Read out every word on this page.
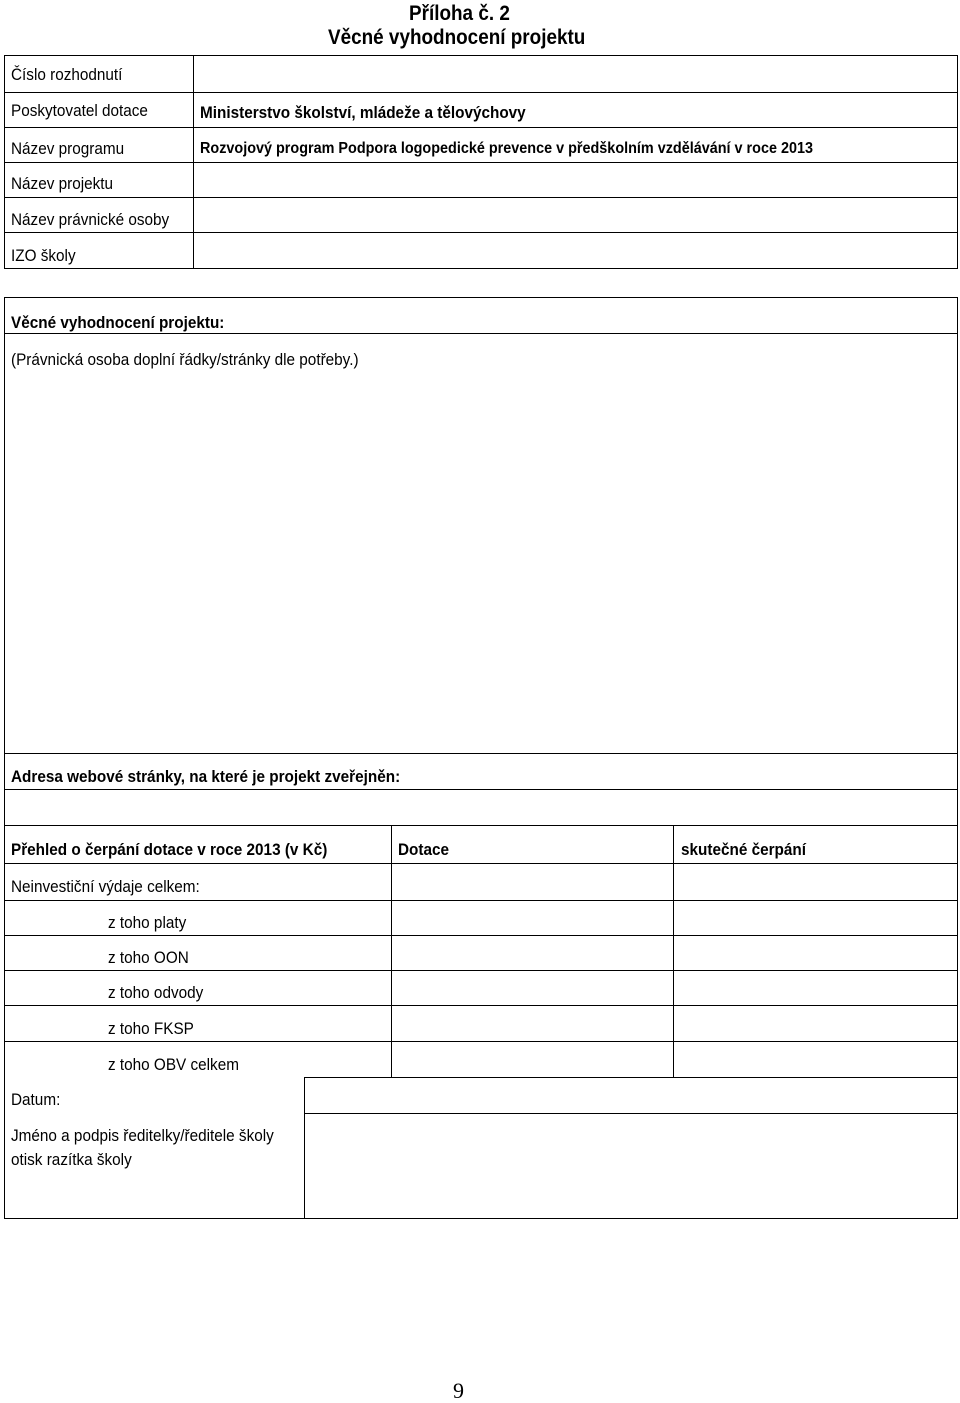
Příloha č. 2
Věcné vyhodnocení projektu
Číslo rozhodnutí
Poskytovatel dotace	Ministerstvo školství, mládeže a tělovýchovy
Název programu	Rozvojový program Podpora logopedické prevence v předškolním vzdělávání v roce 2013
Název projektu
Název právnické osoby
IZO školy
Věcné vyhodnocení projektu:
(Právnická osoba doplní řádky/stránky dle potřeby.)
Adresa webové stránky, na které je projekt zveřejněn:
Přehled o čerpání dotace v roce 2013 (v Kč)	Dotace	skutečné čerpání
Neinvestiční výdaje celkem:
z toho platy
z toho OON
z toho odvody
z toho FKSP
z toho OBV celkem
Datum:
Jméno a podpis ředitelky/ředitele školy
otisk razítka školy
9
